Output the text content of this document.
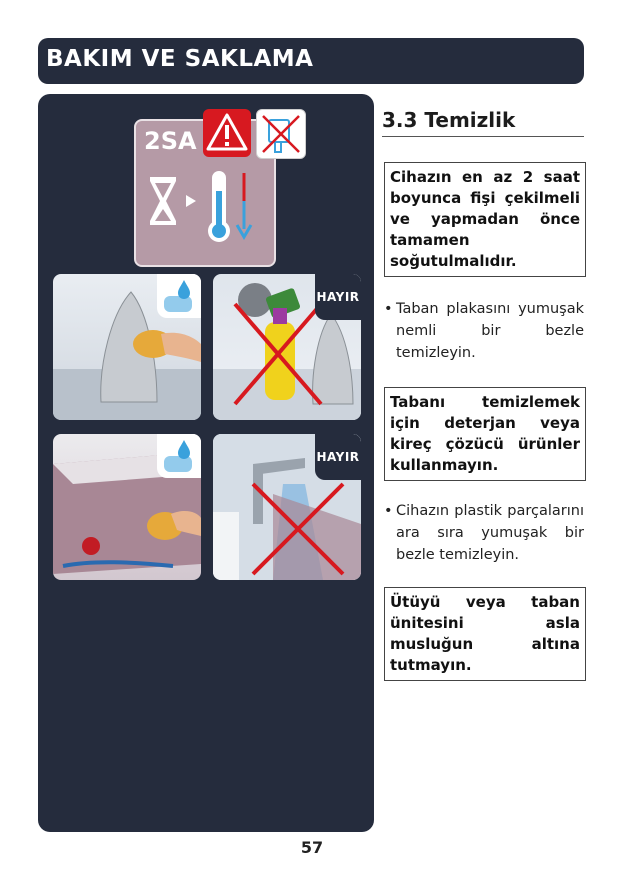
BAKIM VE SAKLAMA
2SA
HAYIR
HAYIR
3.3 Temizlik
Cihazın en az 2 saat boyunca fişi çekilmeli ve yapmadan önce tamamen soğutulmalıdır.
• Taban plakasını yumuşak nemli bir bezle temizleyin.
Tabanı temizlemek için deterjan veya kireç çözücü ürünler kullanmayın.
• Cihazın plastik parçalarını ara sıra yumuşak bir bezle temizleyin.
Ütüyü veya taban ünitesini asla musluğun altına tutmayın.
57
